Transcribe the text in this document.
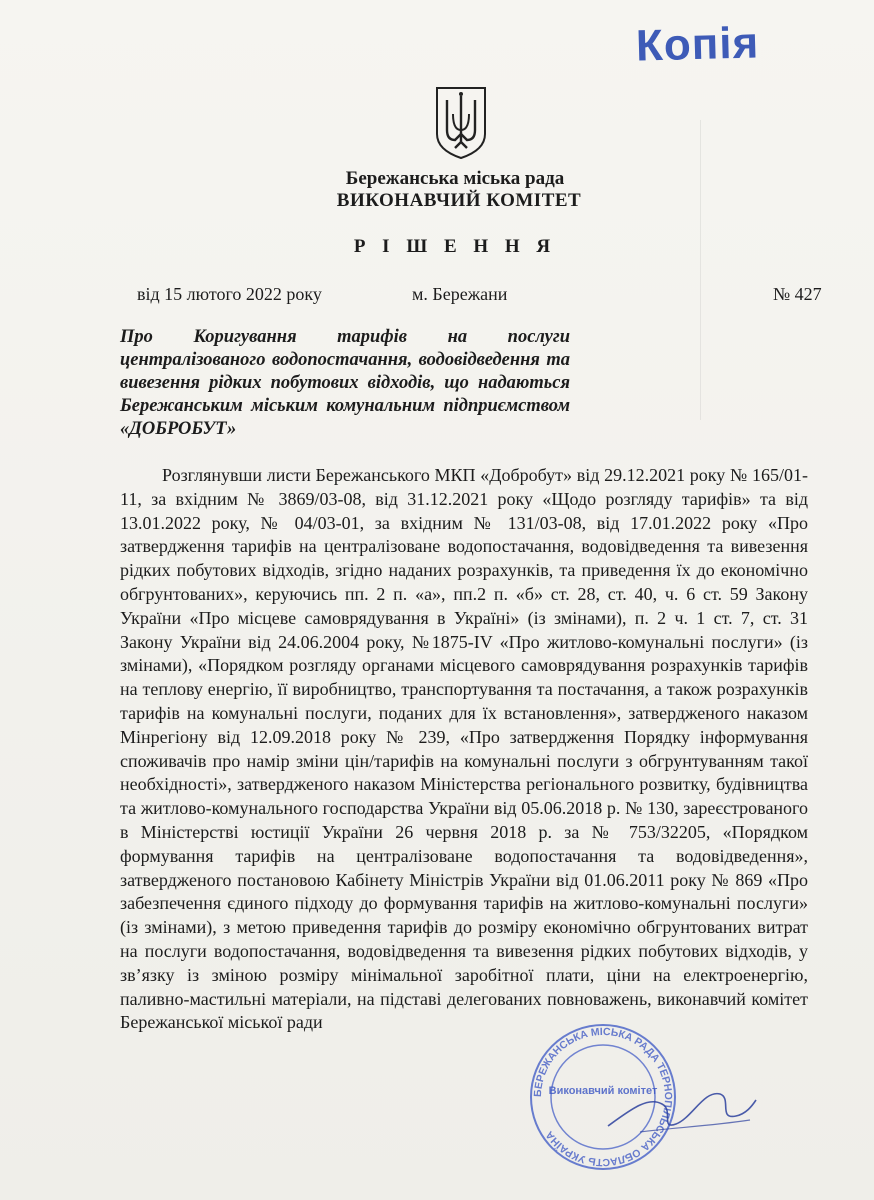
Копія
Бережанська міська рада
ВИКОНАВЧИЙ КОМІТЕТ
Р І Ш Е Н Н Я
від 15 лютого 2022 року	м. Бережани	№ 427

Про Коригування тарифів на послуги централізованого водопостачання, водовідведення та вивезення рідких побутових відходів, що надаються Бережанським міським комунальним підприємством «ДОБРОБУТ»

Розглянувши листи Бережанського МКП «Добробут» від 29.12.2021 року № 165/01-11, за вхідним № 3869/03-08, від 31.12.2021 року «Щодо розгляду тарифів» та від 13.01.2022 року, № 04/03-01, за вхідним № 131/03-08, від 17.01.2022 року «Про затвердження тарифів на централізоване водопостачання, водовідведення та вивезення рідких побутових відходів, згідно наданих розрахунків, та приведення їх до економічно обгрунтованих», керуючись пп. 2 п. «а», пп.2 п. «б» ст. 28, ст. 40, ч. 6 ст. 59 Закону України «Про місцеве самоврядування в Україні» (із змінами), п. 2 ч. 1 ст. 7, ст. 31 Закону України від 24.06.2004 року, №1875-IV «Про житлово-комунальні послуги» (із змінами), «Порядком розгляду органами місцевого самоврядування розрахунків тарифів на теплову енергію, її виробництво, транспортування та постачання, а також розрахунків тарифів на комунальні послуги, поданих для їх встановлення», затвердженого наказом Мінрегіону від 12.09.2018 року № 239, «Про затвердження Порядку інформування споживачів про намір зміни цін/тарифів на комунальні послуги з обгрунтуванням такої необхідності», затвердженого наказом Міністерства регіонального розвитку, будівництва та житлово-комунального господарства України від 05.06.2018 р. № 130, зареєстрованого в Міністерстві юстиції України 26 червня 2018 р. за № 753/32205, «Порядком формування тарифів на централізоване водопостачання та водовідведення», затвердженого постановою Кабінету Міністрів України від 01.06.2011 року № 869 «Про забезпечення єдиного підходу до формування тарифів на житлово-комунальні послуги» (із змінами), з метою приведення тарифів до розміру економічно обгрунтованих витрат на послуги водопостачання, водовідведення та вивезення рідких побутових відходів, у зв’язку із зміною розміру мінімальної заробітної плати, ціни на електроенергію, паливно-мастильні матеріали, на підставі делегованих повноважень, виконавчий комітет Бережанської міської ради

БЕРЕЖАНСЬКА МІСЬКА РАДА ТЕРНОПІЛЬСЬКА ОБЛАСТЬ УКРАЇНА
Виконавчий комітет
